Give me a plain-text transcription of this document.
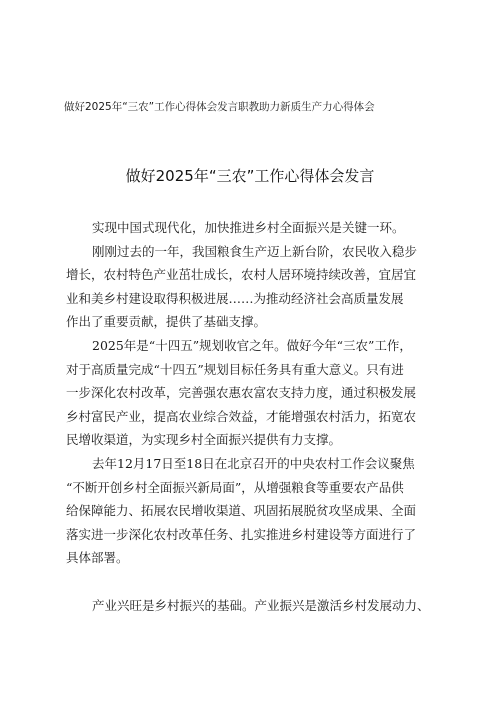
做好2025年“三农”工作心得体会发言职教助力新质生产力心得体会
做好2025年“三农”工作心得体会发言
实现中国式现代化，加快推进乡村全面振兴是关键一环。
刚刚过去的一年，我国粮食生产迈上新台阶，农民收入稳步
增长，农村特色产业茁壮成长，农村人居环境持续改善，宜居宜
业和美乡村建设取得积极进展……为推动经济社会高质量发展
作出了重要贡献，提供了基础支撑。
2025年是“十四五”规划收官之年。做好今年“三农”工作，
对于高质量完成“十四五”规划目标任务具有重大意义。只有进
一步深化农村改革，完善强农惠农富农支持力度，通过积极发展
乡村富民产业，提高农业综合效益，才能增强农村活力，拓宽农
民增收渠道，为实现乡村全面振兴提供有力支撑。
去年12月17日至18日在北京召开的中央农村工作会议聚焦
“不断开创乡村全面振兴新局面”，从增强粮食等重要农产品供
给保障能力、拓展农民增收渠道、巩固拓展脱贫攻坚成果、全面
落实进一步深化农村改革任务、扎实推进乡村建设等方面进行了
具体部署。
产业兴旺是乡村振兴的基础。产业振兴是激活乡村发展动力、
